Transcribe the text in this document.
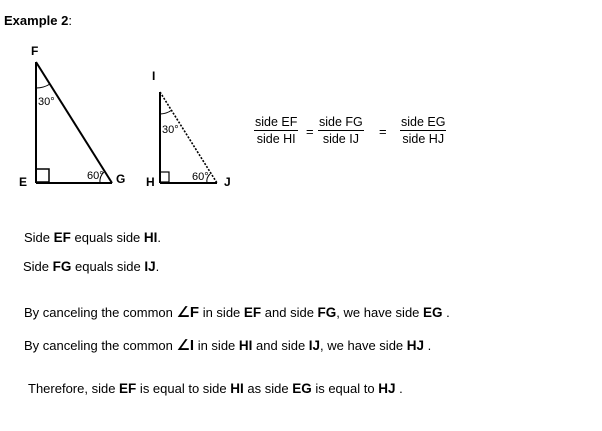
Example 2:
F
E	G
30°
60°
I
H	J
30°
60°
side EF
side HI =
side FG
side IJ	=
side EG
side HJ
Side EF equals side HI.
Side FG equals side IJ.
By canceling the common ∠F in side EF and side FG, we have side EG .
By canceling the common ∠I in side HI and side IJ, we have side HJ .
Therefore, side EF is equal to side HI as side EG is equal to HJ .
